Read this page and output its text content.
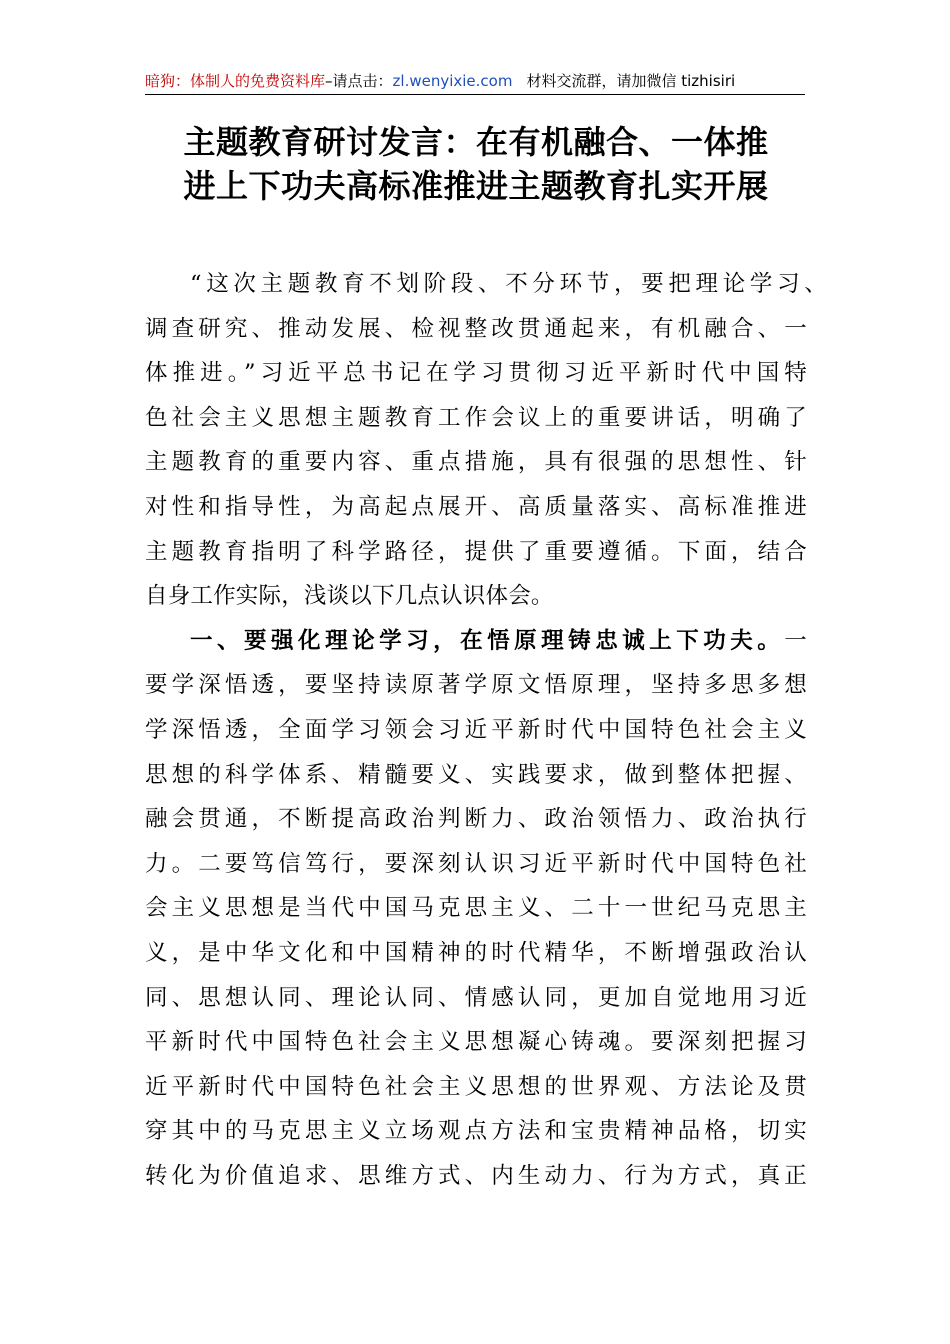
暗狗：体制人的免费资料库–请点击：zl.wenyixie.com 材料交流群，请加微信 tizhisiri
主题教育研讨发言：在有机融合、一体推
进上下功夫高标准推进主题教育扎实开展
“这次主题教育不划阶段、不分环节，要把理论学习、
调查研究、推动发展、检视整改贯通起来，有机融合、一
体推进。”习近平总书记在学习贯彻习近平新时代中国特
色社会主义思想主题教育工作会议上的重要讲话，明确了
主题教育的重要内容、重点措施，具有很强的思想性、针
对性和指导性，为高起点展开、高质量落实、高标准推进
主题教育指明了科学路径，提供了重要遵循。下面，结合
自身工作实际，浅谈以下几点认识体会。
一、要强化理论学习，在悟原理铸忠诚上下功夫。一
要学深悟透，要坚持读原著学原文悟原理，坚持多思多想
学深悟透，全面学习领会习近平新时代中国特色社会主义
思想的科学体系、精髓要义、实践要求，做到整体把握、
融会贯通，不断提高政治判断力、政治领悟力、政治执行
力。二要笃信笃行，要深刻认识习近平新时代中国特色社
会主义思想是当代中国马克思主义、二十一世纪马克思主
义，是中华文化和中国精神的时代精华，不断增强政治认
同、思想认同、理论认同、情感认同，更加自觉地用习近
平新时代中国特色社会主义思想凝心铸魂。要深刻把握习
近平新时代中国特色社会主义思想的世界观、方法论及贯
穿其中的马克思主义立场观点方法和宝贵精神品格，切实
转化为价值追求、思维方式、内生动力、行为方式，真正
